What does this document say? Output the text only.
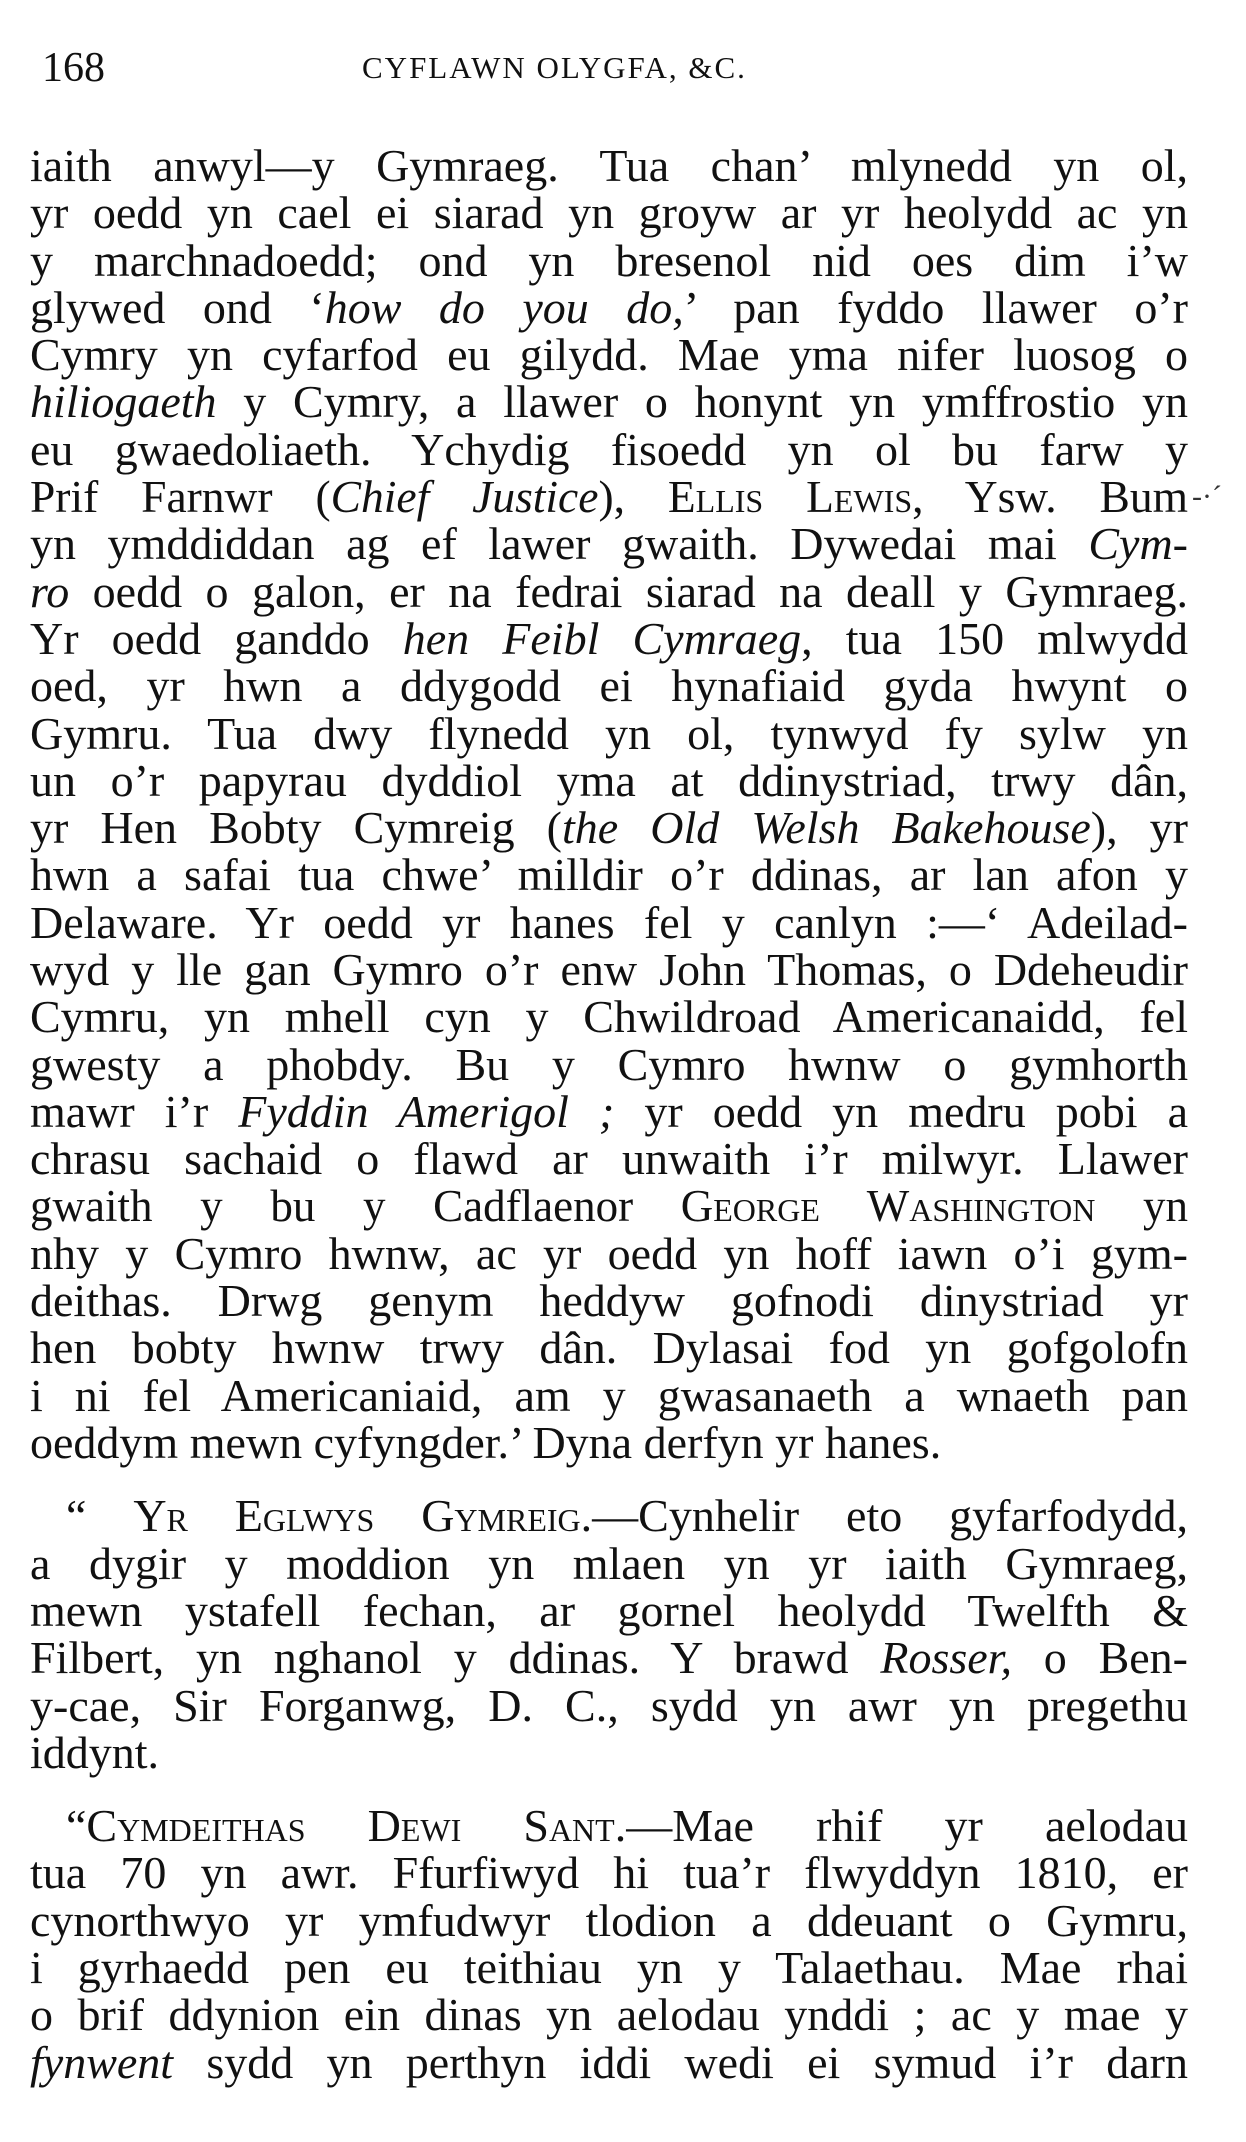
168	CYFLAWN OLYGFA, &C.
-·´
iaith anwyl—y Gymraeg. Tua chan’ mlynedd yn ol,
yr oedd yn cael ei siarad yn groyw ar yr heolydd ac yn
y marchnadoedd; ond yn bresenol nid oes dim i’w
glywed ond ‘how do you do,’ pan fyddo llawer o’r
Cymry yn cyfarfod eu gilydd. Mae yma nifer luosog o
hiliogaeth y Cymry, a llawer o honynt yn ymffrostio yn
eu gwaedoliaeth. Ychydig fisoedd yn ol bu farw y
Prif Farnwr (Chief Justice), Ellis Lewis, Ysw. Bum
yn ymddiddan ag ef lawer gwaith. Dywedai mai Cym-
ro oedd o galon, er na fedrai siarad na deall y Gymraeg.
Yr oedd ganddo hen Feibl Cymraeg, tua 150 mlwydd
oed, yr hwn a ddygodd ei hynafiaid gyda hwynt o
Gymru. Tua dwy flynedd yn ol, tynwyd fy sylw yn
un o’r papyrau dyddiol yma at ddinystriad, trwy dân,
yr Hen Bobty Cymreig (the Old Welsh Bakehouse), yr
hwn a safai tua chwe’ milldir o’r ddinas, ar lan afon y
Delaware. Yr oedd yr hanes fel y canlyn :—‘ Adeilad-
wyd y lle gan Gymro o’r enw John Thomas, o Ddeheudir
Cymru, yn mhell cyn y Chwildroad Americanaidd, fel
gwesty a phobdy. Bu y Cymro hwnw o gymhorth
mawr i’r Fyddin Amerigol ; yr oedd yn medru pobi a
chrasu sachaid o flawd ar unwaith i’r milwyr. Llawer
gwaith y bu y Cadflaenor George Washington yn
nhy y Cymro hwnw, ac yr oedd yn hoff iawn o’i gym-
deithas. Drwg genym heddyw gofnodi dinystriad yr
hen bobty hwnw trwy dân. Dylasai fod yn gofgolofn
i ni fel Americaniaid, am y gwasanaeth a wnaeth pan
oeddym mewn cyfyngder.’ Dyna derfyn yr hanes.
“ Yr Eglwys Gymreig.—Cynhelir eto gyfarfodydd,
a dygir y moddion yn mlaen yn yr iaith Gymraeg,
mewn ystafell fechan, ar gornel heolydd Twelfth &
Filbert, yn nghanol y ddinas. Y brawd Rosser, o Ben-
y-cae, Sir Forganwg, D. C., sydd yn awr yn pregethu
iddynt.
“Cymdeithas Dewi Sant.—Mae rhif yr aelodau
tua 70 yn awr. Ffurfiwyd hi tua’r flwyddyn 1810, er
cynorthwyo yr ymfudwyr tlodion a ddeuant o Gymru,
i gyrhaedd pen eu teithiau yn y Talaethau. Mae rhai
o brif ddynion ein dinas yn aelodau ynddi ; ac y mae y
fynwent sydd yn perthyn iddi wedi ei symud i’r darn
